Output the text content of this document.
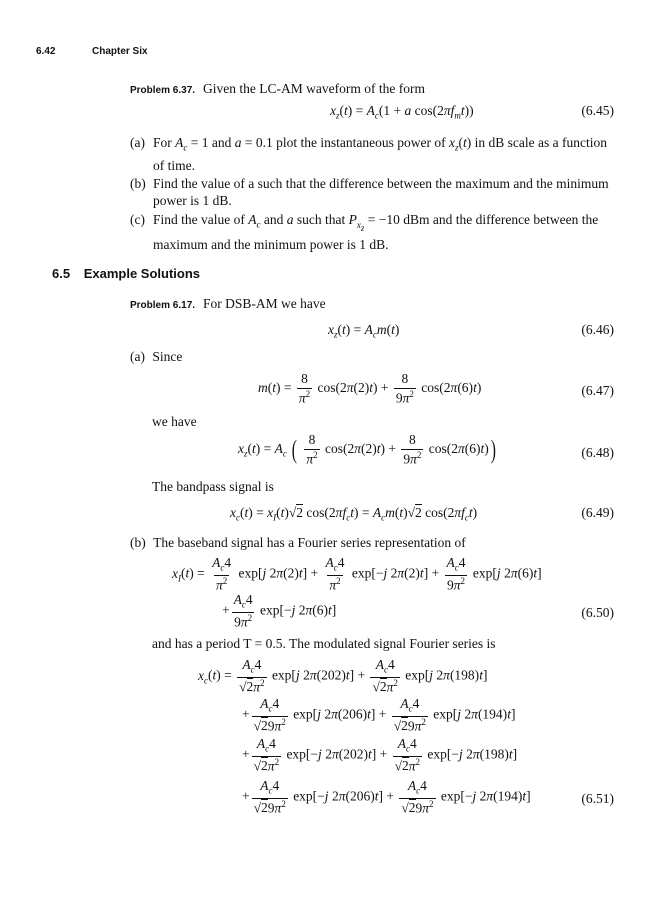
6.42	Chapter Six
Problem 6.37. Given the LC-AM waveform of the form
$x_z(t) = A_c(1 + a$ $\cos(2\pi f_mt)$)	(6.45)
(a) For $A_c = 1$ and a = 0.1 plot the instantaneous power of $x_z(t)$ in dB scale as a function of time.
(b) Find the value of a such that the difference between the maximum and the minimum power is 1 dB.
(c) Find the value of $A_c$ and a such that $P_{x_z} = -10$ dBm and the difference between the maximum and the minimum power is 1 dB.
6.5 Example Solutions
Problem 6.17. For DSB-AM we have
$x_z(t) = A_cm(t)$	(6.46)
(a) Since
$m(t) = \frac{8}{\pi^2} \cos(2\pi(2)t) + \frac{8}{9\pi^2} \cos(2\pi(6)t)$	(6.47)
we have
$x_z(t) = A_c$ ( $\frac{8}{\pi^2} \cos(2\pi(2)t) + \frac{8}{9\pi^2} \cos(2\pi(6)t)$)	(6.48)
The bandpass signal is
$x_c(t) = x_I(t)√2$ $\cos(2\pi f_ct) = A_cm(t)√2$ $\cos(2\pi f_ct)$	(6.49)
(b) The baseband signal has a Fourier series representation of
$x_I(t) = \frac{A_c4}{\pi^2} \exp[j$ $2\pi(2)t] + \frac{A_c4}{\pi^2} \exp[-j$ $2\pi(2)t] + \frac{A_c4}{9\pi^2} \exp[j$ 2π(6)t]
+ $\frac{A_c4}{9\pi^2} \exp[-j$ 2π(6)t]	(6.50)
and has a period T = 0.5. The modulated signal Fourier series is
$x_c(t) = \frac{A_c4}{√2\pi^2} \exp[j$ $2\pi(202)t] + \frac{A_c4}{√2\pi^2} \exp[j$ 2π(198)t]
+ $\frac{A_c4}{√29\pi^2} \exp[j$ $2\pi(206)t] + \frac{A_c4}{√29\pi^2} \exp[j$ 2π(194)t]
+ $\frac{A_c4}{√2\pi^2} \exp[-j$ $2\pi(202)t] + \frac{A_c4}{√2\pi^2} \exp[-j$ 2π(198)t]
+ $\frac{A_c4}{√29\pi^2} \exp[-j$ $2\pi(206)t] + \frac{A_c4}{√29\pi^2} \exp[-j$ 2π(194)t]	(6.51)
